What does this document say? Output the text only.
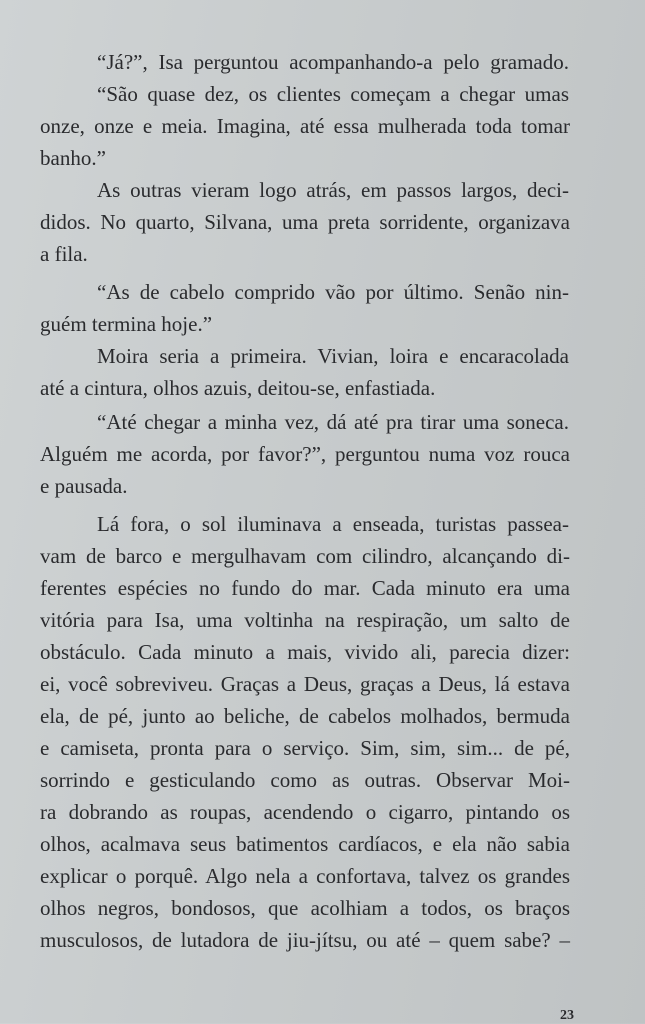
“Já?”, Isa perguntou acompanhando-a pelo gramado.
“São quase dez, os clientes começam a chegar umas
onze, onze e meia. Imagina, até essa mulherada toda tomar
banho.”
As outras vieram logo atrás, em passos largos, deci-
didos. No quarto, Silvana, uma preta sorridente, organizava
a fila.
“As de cabelo comprido vão por último. Senão nin-
guém termina hoje.”
Moira seria a primeira. Vivian, loira e encaracolada
até a cintura, olhos azuis, deitou-se, enfastiada.
“Até chegar a minha vez, dá até pra tirar uma soneca.
Alguém me acorda, por favor?”, perguntou numa voz rouca
e pausada.
Lá fora, o sol iluminava a enseada, turistas passea-
vam de barco e mergulhavam com cilindro, alcançando di-
ferentes espécies no fundo do mar. Cada minuto era uma
vitória para Isa, uma voltinha na respiração, um salto de
obstáculo. Cada minuto a mais, vivido ali, parecia dizer:
ei, você sobreviveu. Graças a Deus, graças a Deus, lá estava
ela, de pé, junto ao beliche, de cabelos molhados, bermuda
e camiseta, pronta para o serviço. Sim, sim, sim... de pé,
sorrindo e gesticulando como as outras. Observar Moi-
ra dobrando as roupas, acendendo o cigarro, pintando os
olhos, acalmava seus batimentos cardíacos, e ela não sabia
explicar o porquê. Algo nela a confortava, talvez os grandes
olhos negros, bondosos, que acolhiam a todos, os braços
musculosos, de lutadora de jiu-jítsu, ou até – quem sabe? –
23
